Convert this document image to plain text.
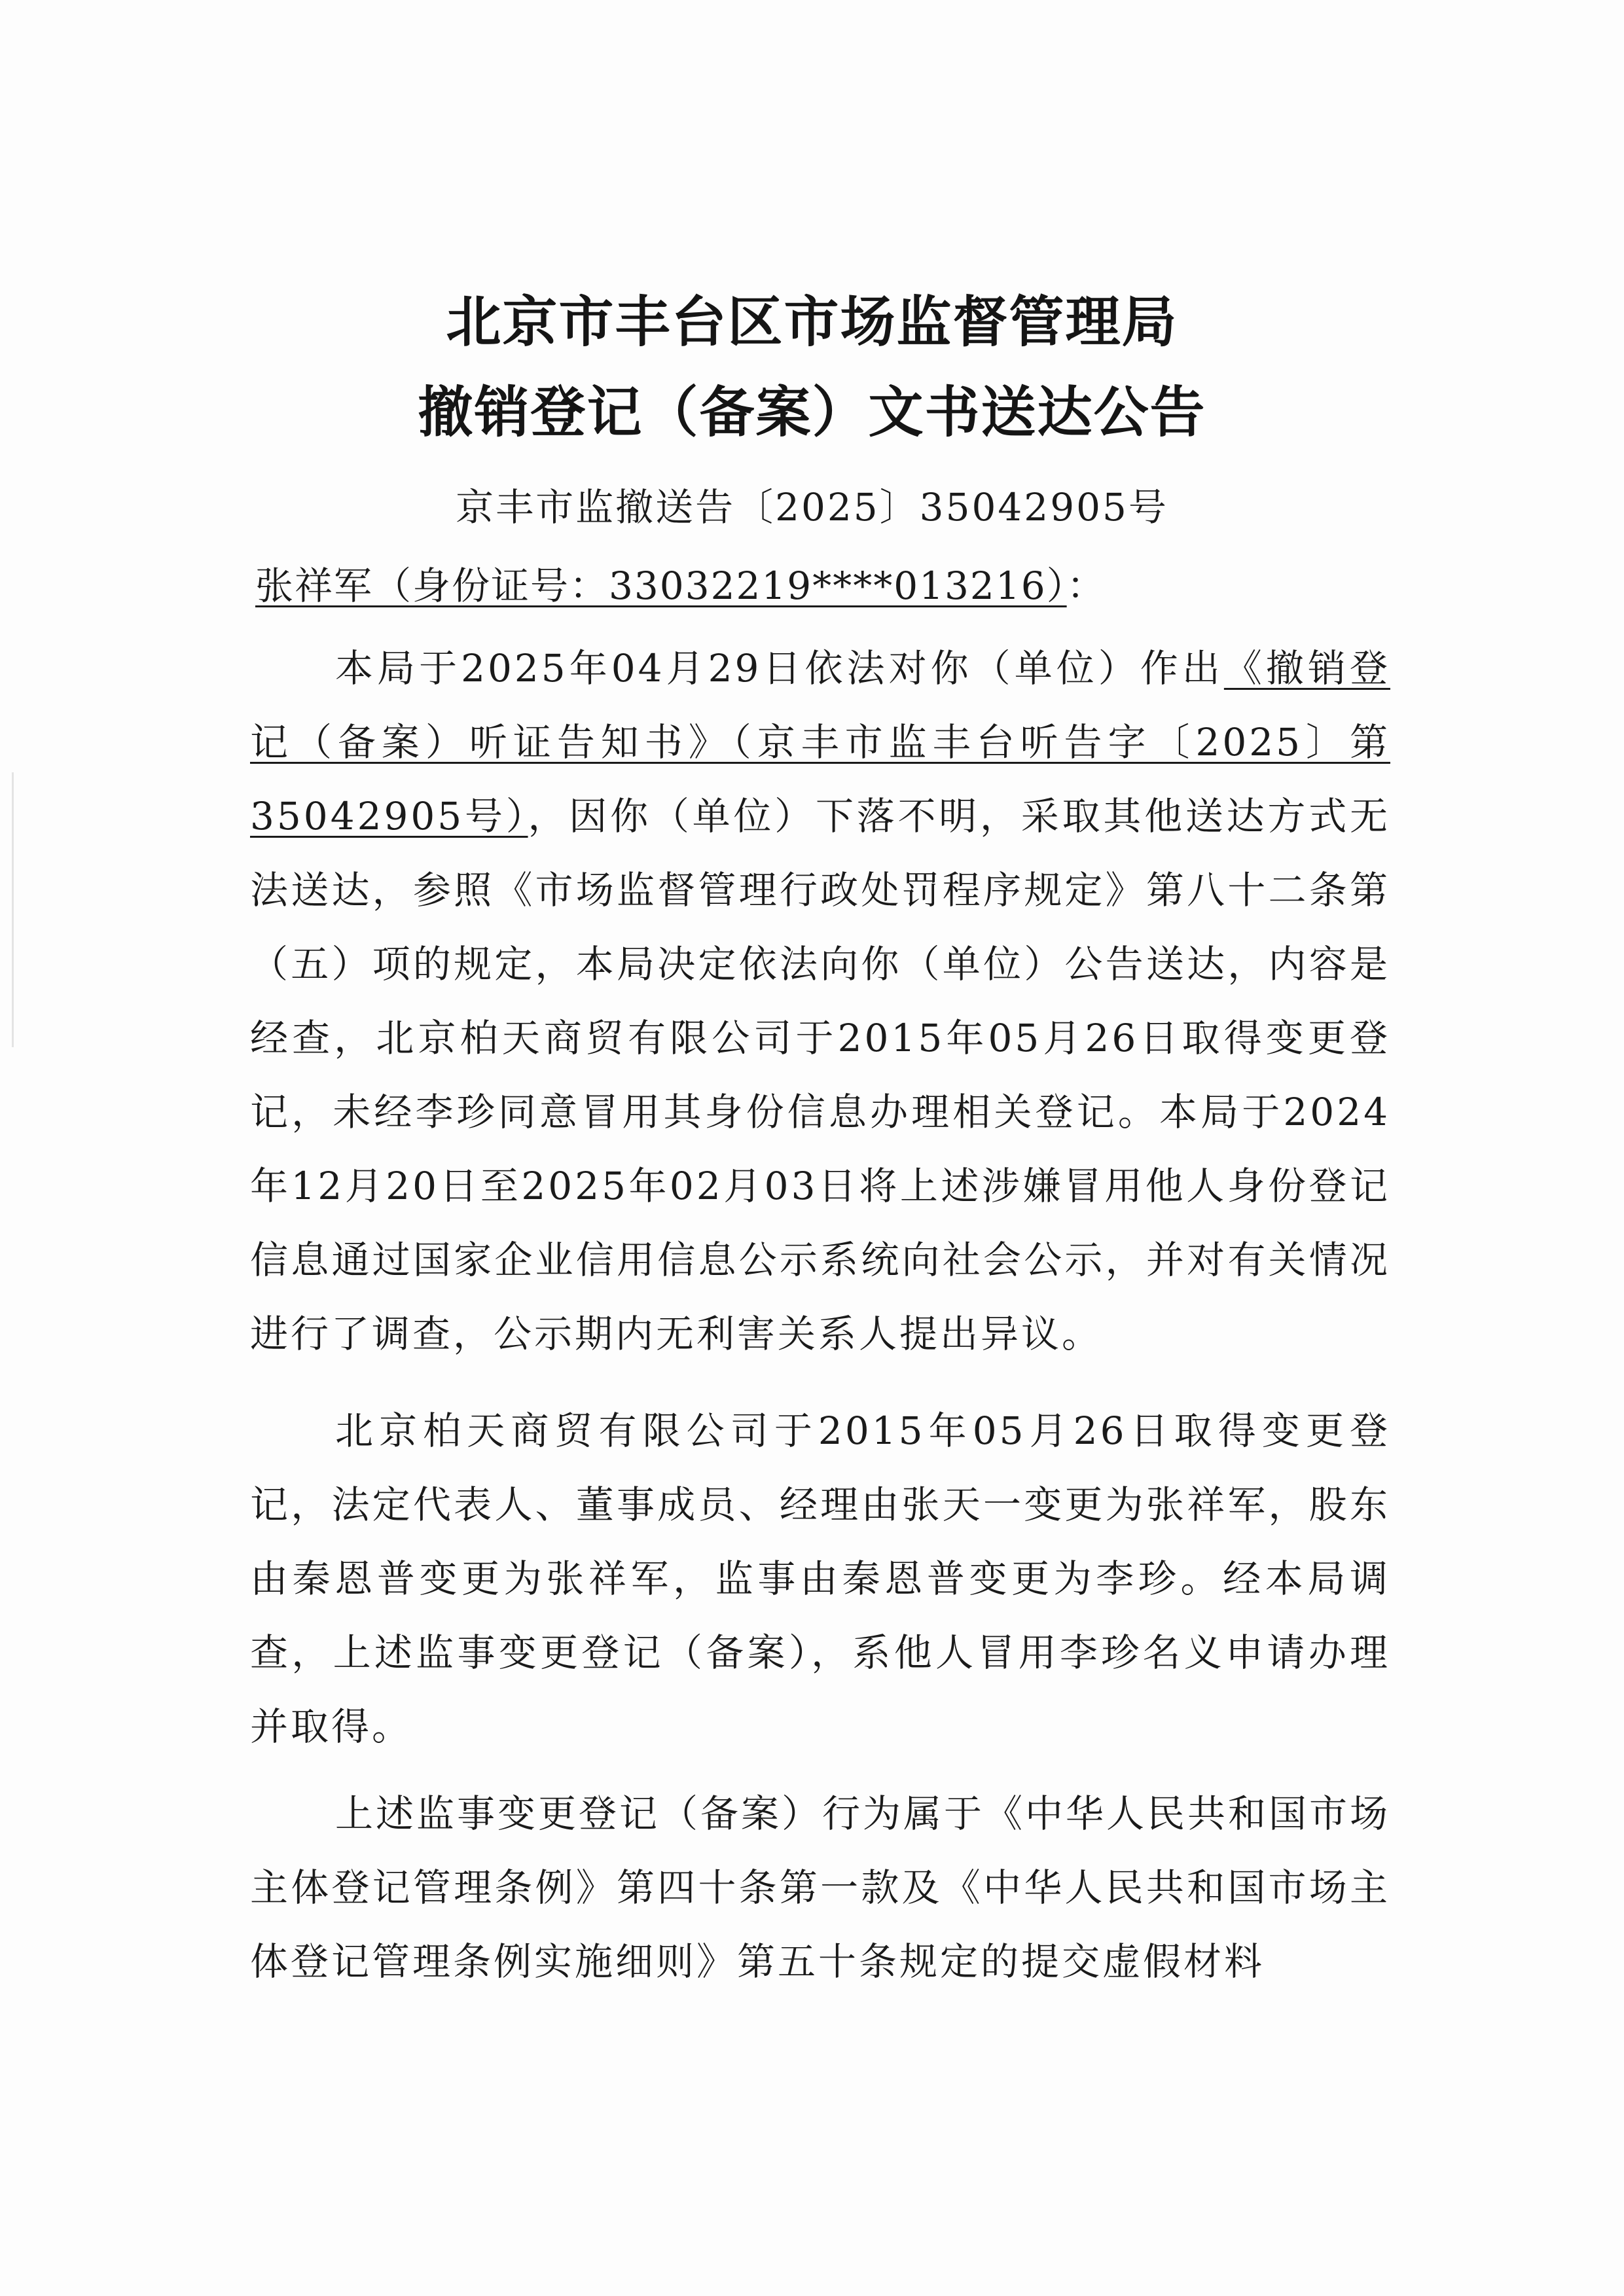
北京市丰台区市场监督管理局
撤销登记（备案）文书送达公告
京丰市监撤送告〔2025〕35042905号
张祥军（身份证号：33032219****013216）：

本局于2025年04月29日依法对你（单位）作出《撤销登记（备案）听证告知书》（京丰市监丰台听告字〔2025〕第35042905号），因你（单位）下落不明，采取其他送达方式无法送达，参照《市场监督管理行政处罚程序规定》第八十二条第（五）项的规定，本局决定依法向你（单位）公告送达，内容是经查，北京柏天商贸有限公司于2015年05月26日取得变更登记，未经李珍同意冒用其身份信息办理相关登记。本局于2024年12月20日至2025年02月03日将上述涉嫌冒用他人身份登记信息通过国家企业信用信息公示系统向社会公示，并对有关情况进行了调查，公示期内无利害关系人提出异议。

北京柏天商贸有限公司于2015年05月26日取得变更登记，法定代表人、董事成员、经理由张天一变更为张祥军，股东由秦恩普变更为张祥军，监事由秦恩普变更为李珍。经本局调查，上述监事变更登记（备案），系他人冒用李珍名义申请办理并取得。

上述监事变更登记（备案）行为属于《中华人民共和国市场主体登记管理条例》第四十条第一款及《中华人民共和国市场主体登记管理条例实施细则》第五十条规定的提交虚假材料
